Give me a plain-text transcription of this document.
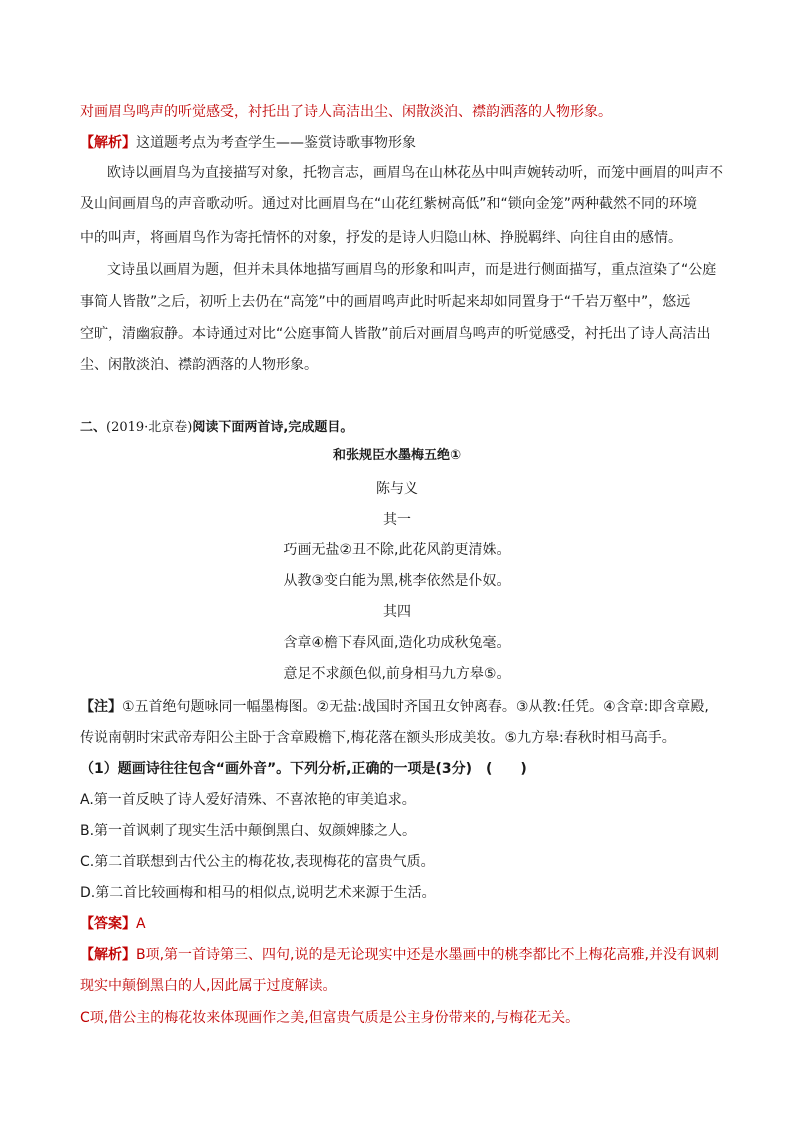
对画眉鸟鸣声的听觉感受，衬托出了诗人高洁出尘、闲散淡泊、襟韵洒落的人物形象。
【解析】这道题考点为考查学生——鉴赏诗歌事物形象
欧诗以画眉鸟为直接描写对象，托物言志，画眉鸟在山林花丛中叫声婉转动听，而笼中画眉的叫声不
及山间画眉鸟的声音歌动听。通过对比画眉鸟在“山花红紫树高低”和“锁向金笼”两种截然不同的环境
中的叫声，将画眉鸟作为寄托情怀的对象，抒发的是诗人归隐山林、挣脱羁绊、向往自由的感情。
文诗虽以画眉为题，但并未具体地描写画眉鸟的形象和叫声，而是进行侧面描写，重点渲染了“公庭
事简人皆散”之后，初听上去仍在“高笼”中的画眉鸣声此时听起来却如同置身于“千岩万壑中”，悠远
空旷，清幽寂静。本诗通过对比“公庭事简人皆散”前后对画眉鸟鸣声的听觉感受，衬托出了诗人高洁出
尘、闲散淡泊、襟韵洒落的人物形象。
二、(2019·北京卷)阅读下面两首诗,完成题目。
和张规臣水墨梅五绝①
陈与义
其一
巧画无盐②丑不除,此花风韵更清姝。
从教③变白能为黑,桃李依然是仆奴。
其四
含章④檐下春风面,造化功成秋兔毫。
意足不求颜色似,前身相马九方皋⑤。
【注】①五首绝句题咏同一幅墨梅图。②无盐:战国时齐国丑女钟离春。③从教:任凭。④含章:即含章殿,
传说南朝时宋武帝寿阳公主卧于含章殿檐下,梅花落在额头形成美妆。⑤九方皋:春秋时相马高手。
（1）题画诗往往包含“画外音”。下列分析,正确的一项是(3分)　(　　)
A.第一首反映了诗人爱好清殊、不喜浓艳的审美追求。
B.第一首讽刺了现实生活中颠倒黑白、奴颜婢膝之人。
C.第二首联想到古代公主的梅花妆,表现梅花的富贵气质。
D.第二首比较画梅和相马的相似点,说明艺术来源于生活。
【答案】A
【解析】B项,第一首诗第三、四句,说的是无论现实中还是水墨画中的桃李都比不上梅花高雅,并没有讽刺
现实中颠倒黑白的人,因此属于过度解读。
C项,借公主的梅花妆来体现画作之美,但富贵气质是公主身份带来的,与梅花无关。
